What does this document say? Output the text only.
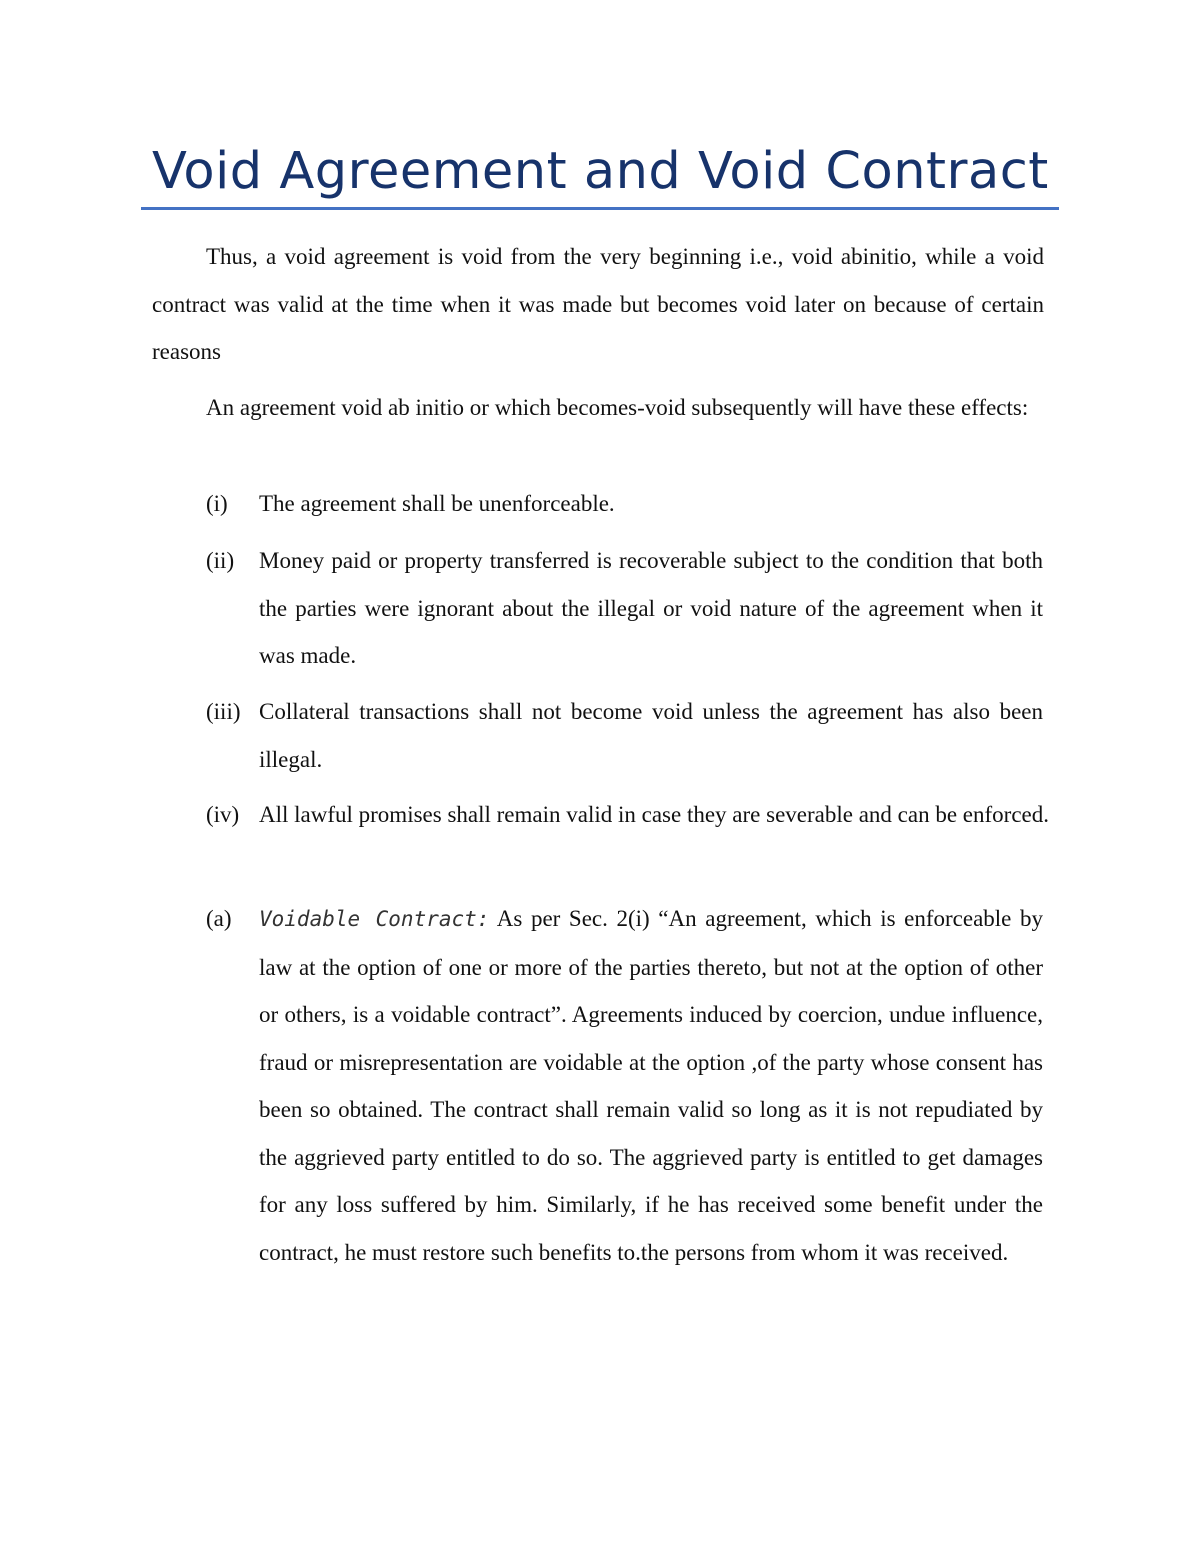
Void Agreement and Void Contract

Thus, a void agreement is void from the very beginning i.e., void abinitio, while a void contract was valid at the time when it was made but becomes void later on because of certain reasons

An agreement void ab initio or which becomes-void subsequently will have these effects:

(i) The agreement shall be unenforceable.

(ii) Money paid or property transferred is recoverable subject to the condition that both the parties were ignorant about the illegal or void nature of the agreement when it was made.

(iii) Collateral transactions shall not become void unless the agreement has also been illegal.

(iv) All lawful promises shall remain valid in case they are severable and can be enforced.

(a) Voidable Contract: As per Sec. 2(i) “An agreement, which is enforceable by law at the option of one or more of the parties thereto, but not at the option of other or others, is a voidable contract”. Agreements induced by coercion, undue influence, fraud or misrepresentation are voidable at the option ,of the party whose consent has been so obtained. The contract shall remain valid so long as it is not repudiated by the aggrieved party entitled to do so. The aggrieved party is entitled to get damages for any loss suffered by him. Similarly, if he has received some benefit under the contract, he must restore such benefits to.the persons from whom it was received.
